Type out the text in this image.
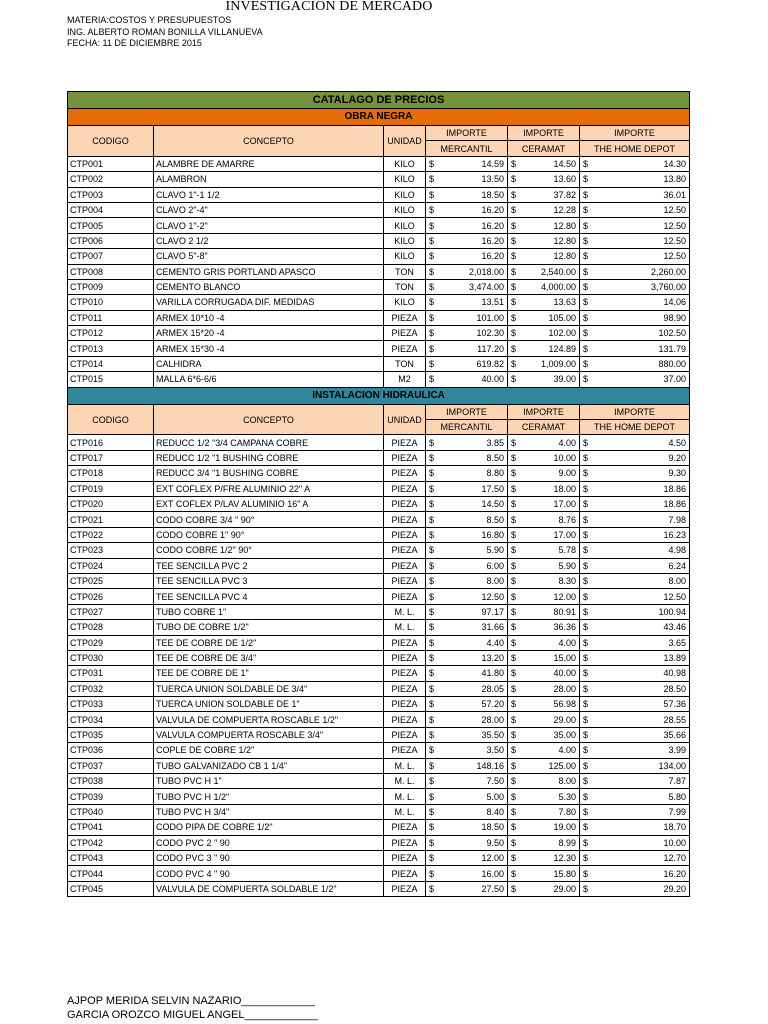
INVESTIGACION DE MERCADO
MATERIA:COSTOS Y PRESUPUESTOS
ING. ALBERTO ROMAN BONILLA VILLANUEVA
FECHA: 11 DE DICIEMBRE 2015
CATALAGO DE PRECIOS					
OBRA NEGRA					
CODIGO	CONCEPTO	UNIDAD	IMPORTE	IMPORTE	IMPORTE
			MERCANTIL	CERAMAT	THE HOME DEPOT
CTP001	ALAMBRE DE AMARRE	KILO	$ 14.59	$ 14.50	$ 14.30

CTP002	ALAMBRON	KILO	$ 13.50	$ 13.60	$ 13.80

CTP003	CLAVO 1"-1 1/2	KILO	$ 18.50	$ 37.82	$ 36.01

CTP004	CLAVO 2"-4"	KILO	$ 16.20	$ 12.28	$ 12.50

CTP005	CLAVO 1"-2"	KILO	$ 16.20	$ 12.80	$ 12.50

CTP006	CLAVO 2 1/2	KILO	$ 16.20	$ 12.80	$ 12.50

CTP007	CLAVO 5"-8"	KILO	$ 16.20	$ 12.80	$ 12.50

CTP008	CEMENTO GRIS PORTLAND APASCO	TON	$ 2,018.00	$ 2,540.00	$ 2,260.00

CTP009	CEMENTO BLANCO	TON	$ 3,474.00	$ 4,000.00	$ 3,760.00

CTP010	VARILLA CORRUGADA DIF. MEDIDAS	KILO	$ 13.51	$ 13.63	$ 14.06

CTP011	ARMEX 10*10 -4	PIEZA	$ 101.00	$ 105.00	$ 98.90

CTP012	ARMEX 15*20 -4	PIEZA	$ 102.30	$ 102.00	$ 102.50

CTP013	ARMEX 15*30 -4	PIEZA	$ 117.20	$ 124.89	$ 131.79

CTP014	CALHIDRA	TON	$ 619.82	$ 1,009.00	$ 880.00

CTP015	MALLA 6*6-6/6	M2	$ 40.00	$ 39.00	$ 37.00

INSTALACION HIDRAULICA					
CODIGO	CONCEPTO	UNIDAD	IMPORTE	IMPORTE	IMPORTE
			MERCANTIL	CERAMAT	THE HOME DEPOT
CTP016	REDUCC 1/2 "3/4 CAMPANA COBRE	PIEZA	$ 3.85	$ 4.00	$ 4.50

CTP017	REDUCC 1/2 "1 BUSHING COBRE	PIEZA	$ 8.50	$ 10.00	$ 9.20

CTP018	REDUCC 3/4 "1 BUSHING COBRE	PIEZA	$ 8.80	$ 9.00	$ 9.30

CTP019	EXT COFLEX P/FRE ALUMINIO 22" A	PIEZA	$ 17.50	$ 18.00	$ 18.86

CTP020	EXT COFLEX P/LAV ALUMINIO 16" A	PIEZA	$ 14.50	$ 17.00	$ 18.86

CTP021	CODO COBRE 3/4 " 90°	PIEZA	$ 8.50	$ 8.76	$ 7.98

CTP022	CODO COBRE 1" 90°	PIEZA	$ 16.80	$ 17.00	$ 16.23

CTP023	CODO COBRE 1/2" 90°	PIEZA	$ 5.90	$ 5.78	$ 4.98

CTP024	TEE SENCILLA PVC 2	PIEZA	$ 6.00	$ 5.90	$ 6.24

CTP025	TEE SENCILLA PVC 3	PIEZA	$ 8.00	$ 8.30	$ 8.00

CTP026	TEE SENCILLA PVC 4	PIEZA	$ 12.50	$ 12.00	$ 12.50

CTP027	TUBO COBRE 1"	M. L.	$ 97.17	$ 80.91	$ 100.94

CTP028	TUBO DE COBRE 1/2"	M. L.	$ 31.66	$ 36.36	$ 43.46

CTP029	TEE DE COBRE DE 1/2"	PIEZA	$ 4.40	$ 4.00	$ 3.65

CTP030	TEE DE COBRE DE 3/4"	PIEZA	$ 13.20	$ 15.00	$ 13.89

CTP031	TEE DE COBRE DE 1"	PIEZA	$ 41.80	$ 40.00	$ 40.98

CTP032	TUERCA UNION SOLDABLE DE 3/4"	PIEZA	$ 28.05	$ 28.00	$ 28.50

CTP033	TUERCA UNION SOLDABLE DE 1"	PIEZA	$ 57.20	$ 56.98	$ 57.36

CTP034	VALVULA DE COMPUERTA ROSCABLE 1/2"	PIEZA	$ 28.00	$ 29.00	$ 28.55

CTP035	VALVULA COMPUERTA ROSCABLE 3/4"	PIEZA	$ 35.50	$ 35.00	$ 35.66

CTP036	COPLE DE COBRE 1/2"	PIEZA	$ 3.50	$ 4.00	$ 3.99

CTP037	TUBO GALVANIZADO CB 1 1/4"	M. L.	$ 148.16	$ 125.00	$ 134.00

CTP038	TUBO PVC H 1"	M. L.	$ 7.50	$ 8.00	$ 7.87

CTP039	TUBO PVC H 1/2"	M. L.	$ 5.00	$ 5.30	$ 5.80

CTP040	TUBO PVC H 3/4"	M. L.	$ 8.40	$ 7.80	$ 7.99

CTP041	CODO PIPA DE COBRE 1/2"	PIEZA	$ 18.50	$ 19.00	$ 18.70

CTP042	CODO PVC 2 " 90	PIEZA	$ 9.50	$ 8.99	$ 10.00

CTP043	CODO PVC 3 " 90	PIEZA	$ 12.00	$ 12.30	$ 12.70

CTP044	CODO PVC 4 " 90	PIEZA	$ 16.00	$ 15.80	$ 16.20

CTP045	VALVULA DE COMPUERTA SOLDABLE 1/2"	PIEZA	$ 27.50	$ 29.00	$ 29.20
AJPOP MERIDA SELVIN NAZARIO____________
GARCIA OROZCO MIGUEL ANGEL____________
